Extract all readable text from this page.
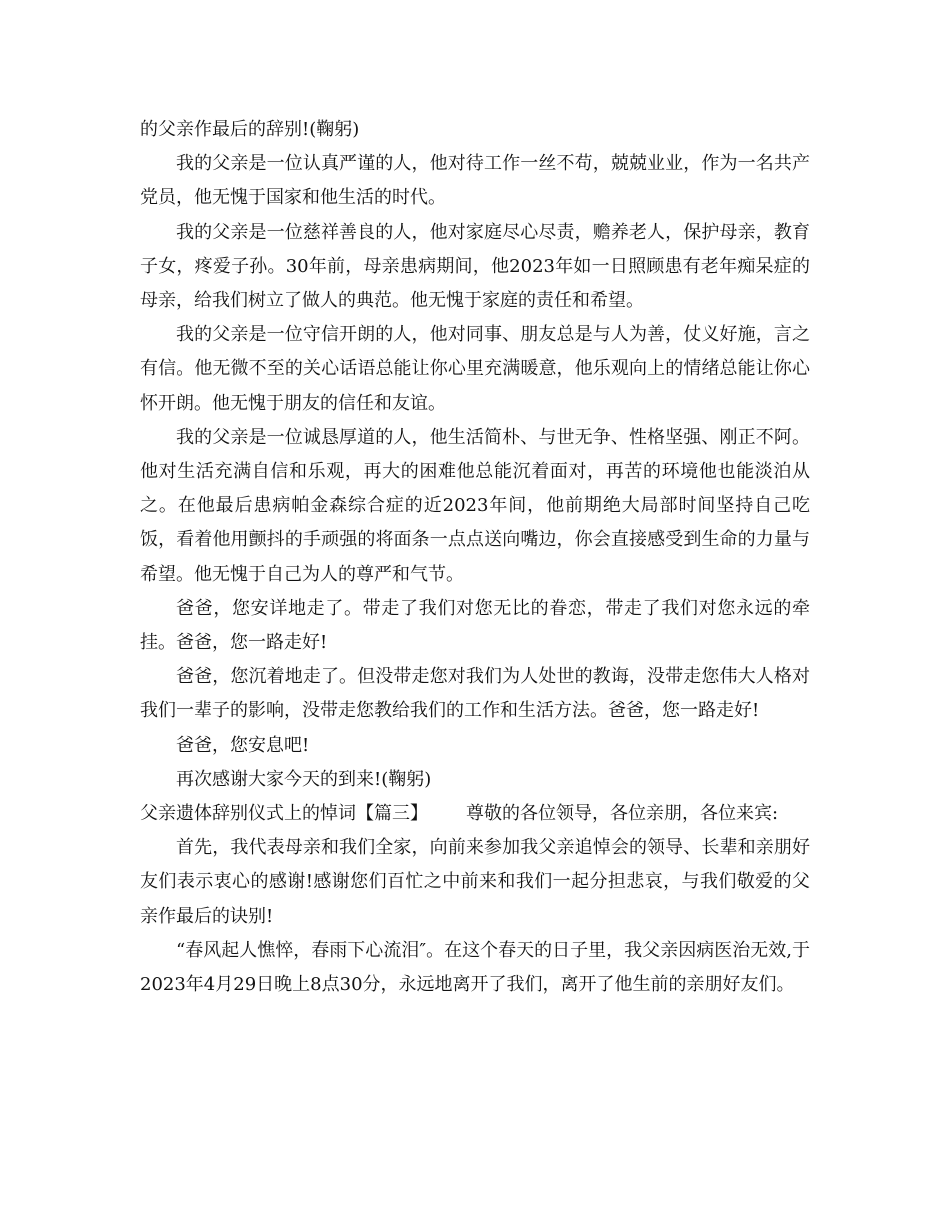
的父亲作最后的辞别!(鞠躬)

我的父亲是一位认真严谨的人，他对待工作一丝不苟，兢兢业业，作为一名共产党员，他无愧于国家和他生活的时代。

我的父亲是一位慈祥善良的人，他对家庭尽心尽责，赡养老人，保护母亲，教育子女，疼爱子孙。30年前，母亲患病期间，他2023年如一日照顾患有老年痴呆症的母亲，给我们树立了做人的典范。他无愧于家庭的责任和希望。

我的父亲是一位守信开朗的人，他对同事、朋友总是与人为善，仗义好施，言之有信。他无微不至的关心话语总能让你心里充满暖意，他乐观向上的情绪总能让你心怀开朗。他无愧于朋友的信任和友谊。

我的父亲是一位诚恳厚道的人，他生活简朴、与世无争、性格坚强、刚正不阿。他对生活充满自信和乐观，再大的困难他总能沉着面对，再苦的环境他也能淡泊从之。在他最后患病帕金森综合症的近2023年间，他前期绝大局部时间坚持自己吃饭，看着他用颤抖的手顽强的将面条一点点送向嘴边，你会直接感受到生命的力量与希望。他无愧于自己为人的尊严和气节。

爸爸，您安详地走了。带走了我们对您无比的眷恋，带走了我们对您永远的牵挂。爸爸，您一路走好!

爸爸，您沉着地走了。但没带走您对我们为人处世的教诲，没带走您伟大人格对我们一辈子的影响，没带走您教给我们的工作和生活方法。爸爸，您一路走好!

爸爸，您安息吧!

再次感谢大家今天的到来!(鞠躬)

父亲遗体辞别仪式上的悼词【篇三】 尊敬的各位领导，各位亲朋，各位来宾:

首先，我代表母亲和我们全家，向前来参加我父亲追悼会的领导、长辈和亲朋好友们表示衷心的感谢!感谢您们百忙之中前来和我们一起分担悲哀，与我们敬爱的父亲作最后的诀别!

“春风起人憔悴，春雨下心流泪″。在这个春天的日子里，我父亲因病医治无效,于2023年4月29日晚上8点30分，永远地离开了我们，离开了他生前的亲朋好友们。
